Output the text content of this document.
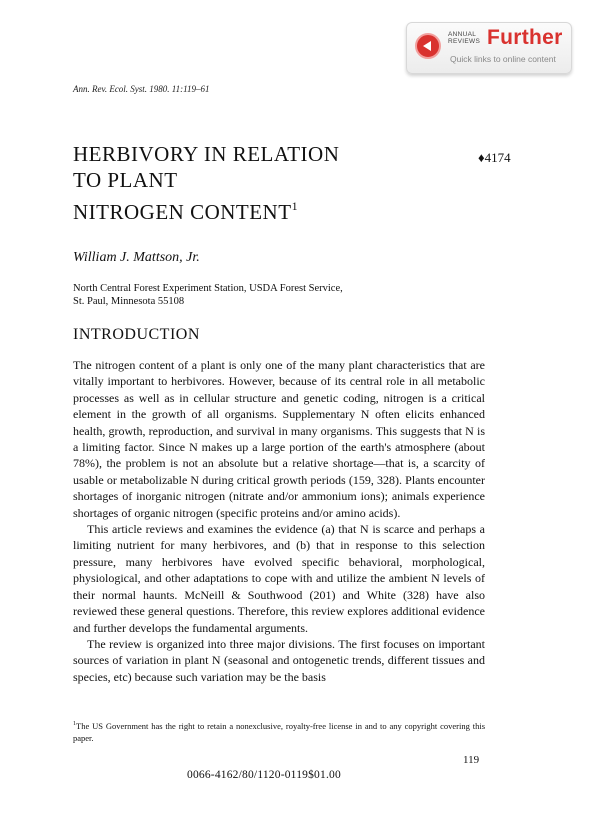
ANNUAL
REVIEWS Further
Quick links to online content
Ann. Rev. Ecol. Syst. 1980. 11:119–61
HERBIVORY IN RELATION
TO PLANT
NITROGEN CONTENT$^1$
♦4174
William J. Mattson, Jr.
North Central Forest Experiment Station, USDA Forest Service,
St. Paul, Minnesota 55108
INTRODUCTION

The nitrogen content of a plant is only one of the many plant characteristics that are vitally important to herbivores. However, because of its central role in all metabolic processes as well as in cellular structure and genetic coding, nitrogen is a critical element in the growth of all organisms. Supplementary N often elicits enhanced health, growth, reproduction, and survival in many organisms. This suggests that N is a limiting factor. Since N makes up a large portion of the earth's atmosphere (about 78%), the problem is not an absolute but a relative shortage—that is, a scarcity of usable or metabolizable N during critical growth periods (159, 328). Plants encounter shortages of inorganic nitrogen (nitrate and/or ammonium ions); animals experience shortages of organic nitrogen (specific proteins and/or amino acids).

This article reviews and examines the evidence (a) that N is scarce and perhaps a limiting nutrient for many herbivores, and (b) that in response to this selection pressure, many herbivores have evolved specific behavioral, morphological, physiological, and other adaptations to cope with and utilize the ambient N levels of their normal haunts. McNeill & Southwood (201) and White (328) have also reviewed these general questions. Therefore, this review explores additional evidence and further develops the fundamental arguments.

The review is organized into three major divisions. The first focuses on important sources of variation in plant N (seasonal and ontogenetic trends, different tissues and species, etc) because such variation may be the basis

$^1$The US Government has the right to retain a nonexclusive, royalty-free license in and to any copyright covering this paper.
119
0066-4162/80/1120-0119$01.00
